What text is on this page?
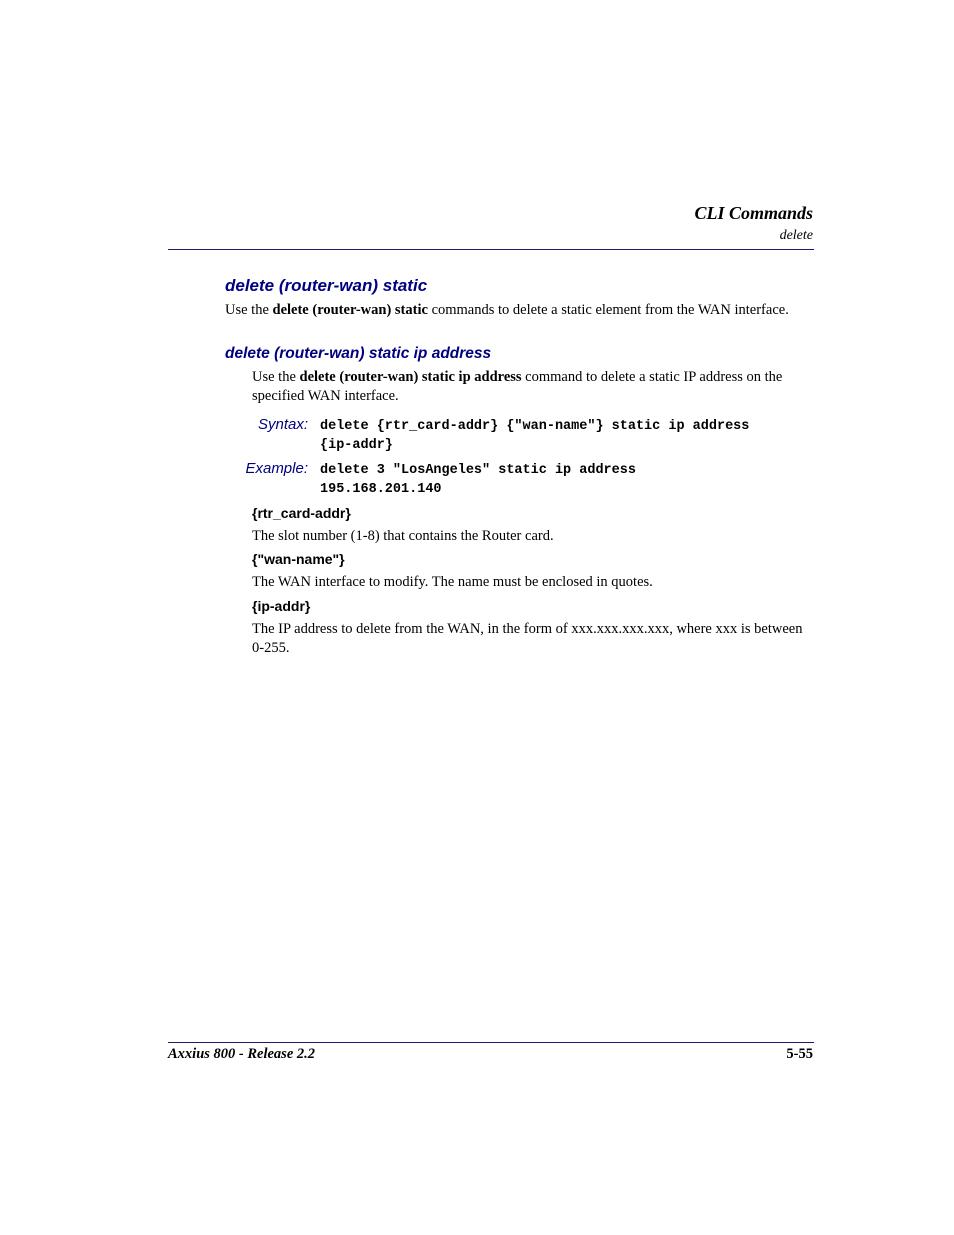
CLI Commands
delete
delete (router-wan) static
Use the delete (router-wan) static commands to delete a static element from the WAN interface.
delete (router-wan) static ip address
Use the delete (router-wan) static ip address command to delete a static IP address on the specified WAN interface.
Syntax: delete {rtr_card-addr} {"wan-name"} static ip address
{ip-addr}
Example: delete 3 "LosAngeles" static ip address
195.168.201.140
{rtr_card-addr}
The slot number (1-8) that contains the Router card.
{"wan-name"}
The WAN interface to modify. The name must be enclosed in quotes.
{ip-addr}
The IP address to delete from the WAN, in the form of xxx.xxx.xxx.xxx, where xxx is between 0-255.
Axxius 800 - Release 2.2	5-55
